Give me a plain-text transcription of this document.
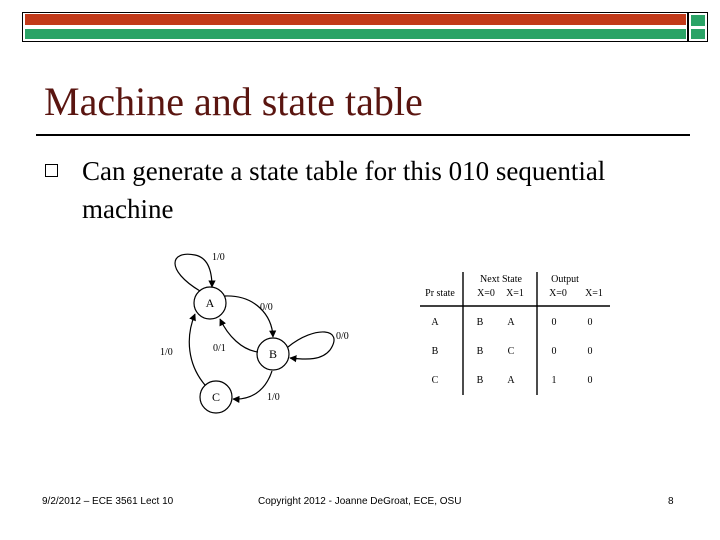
Machine and state table
Can generate a state table for this 010 sequential machine
A
B
C
1/0
0/0
0/0
0/1
1/0
1/0
Next State	Output
Pr state X=0 X=1	X=0 X=1
A	B A	0	0
B	B C	0	0
C	B A	1	0
9/2/2012 – ECE 3561 Lect 10	Copyright 2012 - Joanne DeGroat, ECE, OSU	8
